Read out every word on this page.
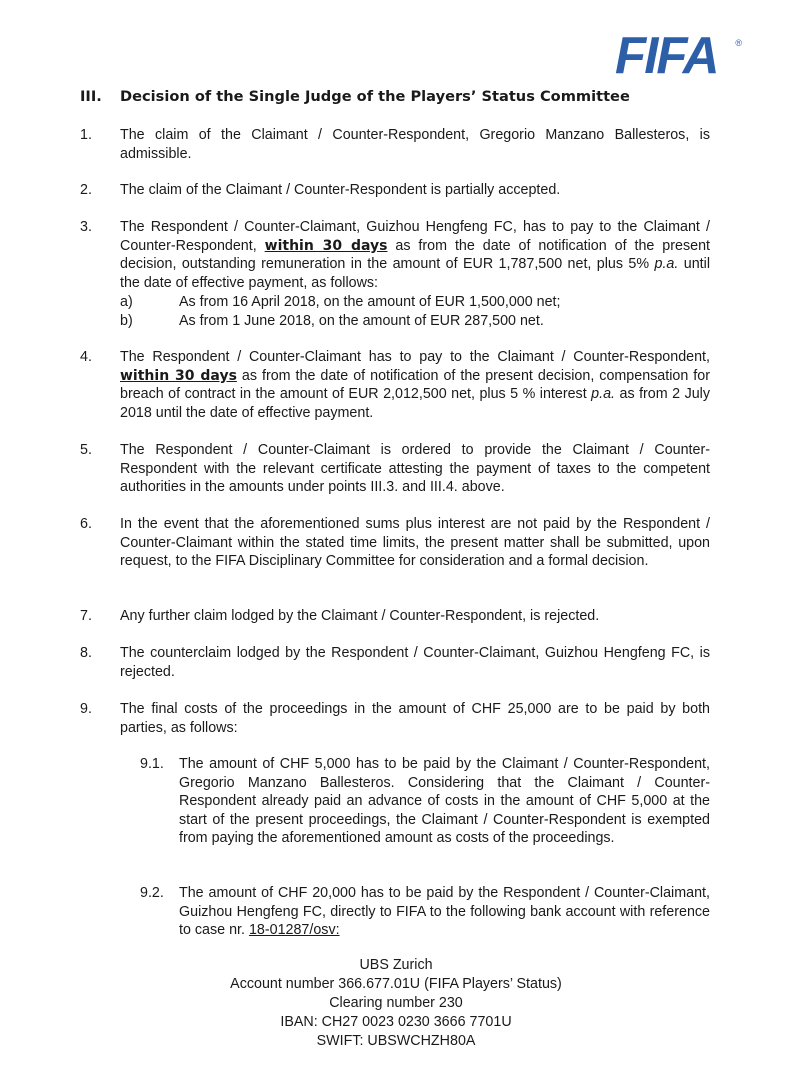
FIFA ®
III. Decision of the Single Judge of the Players’ Status Committee
1.	The claim of the Claimant / Counter-Respondent, Gregorio Manzano Ballesteros, is admissible.
2.	The claim of the Claimant / Counter-Respondent is partially accepted.
3.	The Respondent / Counter-Claimant, Guizhou Hengfeng FC, has to pay to the Claimant / Counter-Respondent, within 30 days as from the date of notification of the present decision, outstanding remuneration in the amount of EUR 1,787,500 net, plus 5% p.a. until the date of effective payment, as follows:
a)	As from 16 April 2018, on the amount of EUR 1,500,000 net;
b)	As from 1 June 2018, on the amount of EUR 287,500 net.
4.	The Respondent / Counter-Claimant has to pay to the Claimant / Counter-Respondent, within 30 days as from the date of notification of the present decision, compensation for breach of contract in the amount of EUR 2,012,500 net, plus 5 % interest p.a. as from 2 July 2018 until the date of effective payment.
5.	The Respondent / Counter-Claimant is ordered to provide the Claimant / Counter-Respondent with the relevant certificate attesting the payment of taxes to the competent authorities in the amounts under points III.3. and III.4. above.
6.	In the event that the aforementioned sums plus interest are not paid by the Respondent / Counter-Claimant within the stated time limits, the present matter shall be submitted, upon request, to the FIFA Disciplinary Committee for consideration and a formal decision.
7.	Any further claim lodged by the Claimant / Counter-Respondent, is rejected.
8.	The counterclaim lodged by the Respondent / Counter-Claimant, Guizhou Hengfeng FC, is rejected.
9.	The final costs of the proceedings in the amount of CHF 25,000 are to be paid by both parties, as follows:
9.1.	The amount of CHF 5,000 has to be paid by the Claimant / Counter-Respondent, Gregorio Manzano Ballesteros. Considering that the Claimant / Counter-Respondent already paid an advance of costs in the amount of CHF 5,000 at the start of the present proceedings, the Claimant / Counter-Respondent is exempted from paying the aforementioned amount as costs of the proceedings.
9.2.	The amount of CHF 20,000 has to be paid by the Respondent / Counter-Claimant, Guizhou Hengfeng FC, directly to FIFA to the following bank account with reference to case nr. 18-01287/osv:
UBS Zurich
Account number 366.677.01U (FIFA Players’ Status)
Clearing number 230
IBAN: CH27 0023 0230 3666 7701U
SWIFT: UBSWCHZH80A
